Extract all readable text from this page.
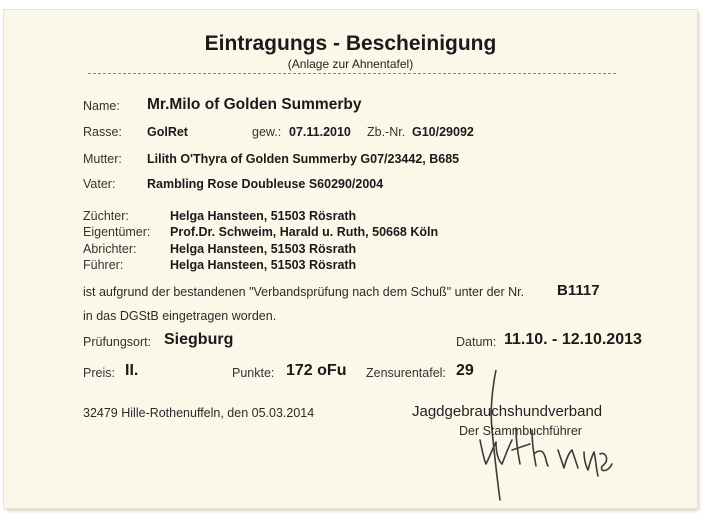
Eintragungs - Bescheinigung
(Anlage zur Ahnentafel)
Name: Mr.Milo of Golden Summerby
Rasse: GolRet	gew.: 07.11.2010 Zb.-Nr. G10/29092
Mutter: Lilith O'Thyra of Golden Summerby G07/23442, B685
Vater:	Rambling Rose Doubleuse S60290/2004
Züchter:	Helga Hansteen, 51503 Rösrath
Eigentümer: Prof.Dr. Schweim, Harald u. Ruth, 50668 Köln
Abrichter:	Helga Hansteen, 51503 Rösrath
Führer:	Helga Hansteen, 51503 Rösrath
ist aufgrund der bestandenen "Verbandsprüfung nach dem Schuß" unter der Nr. B1117
in das DGStB eingetragen worden.
Prüfungsort: Siegburg	Datum: 11.10. - 12.10.2013
Preis: II.	Punkte: 172 oFu Zensurentafel: 29
32479 Hille-Rothenuffeln, den 05.03.2014	Jagdgebrauchshundverband
Der Stammbuchführer
